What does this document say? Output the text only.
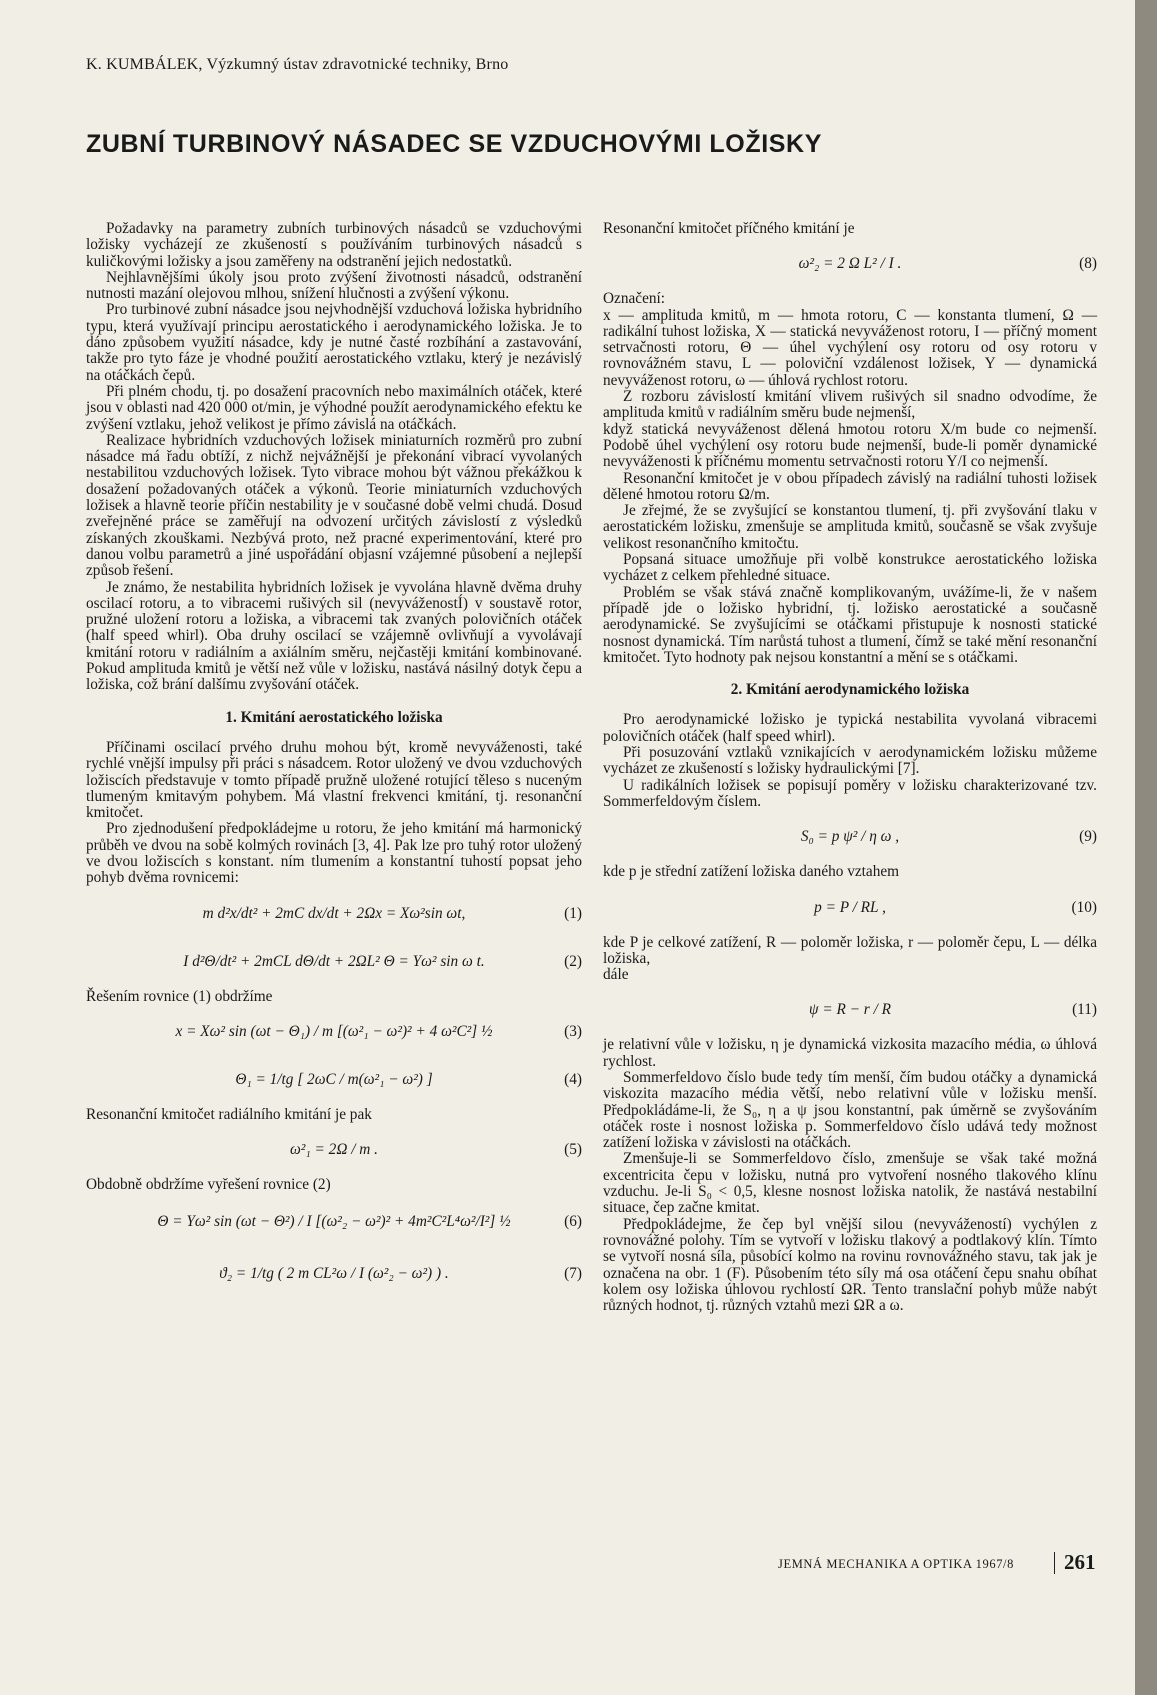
K. KUMBÁLEK, Výzkumný ústav zdravotnické techniky, Brno
ZUBNÍ TURBINOVÝ NÁSADEC SE VZDUCHOVÝMI LOŽISKY

Požadavky na parametry zubních turbinových násadců se vzduchovými ložisky vycházejí ze zkušeností s používáním turbinových násadců s kuličkovými ložisky a jsou zaměřeny na odstranění jejich nedostatků.

Nejhlavnějšími úkoly jsou proto zvýšení životnosti násadců, odstranění nutnosti mazání olejovou mlhou, snížení hlučnosti a zvýšení výkonu.

Pro turbinové zubní násadce jsou nejvhodnější vzduchová ložiska hybridního typu, která využívají principu aerostatického i aerodynamického ložiska. Je to dáno způsobem využití násadce, kdy je nutné časté rozbíhání a zastavování, takže pro tyto fáze je vhodné použití aerostatického vztlaku, který je nezávislý na otáčkách čepů.

Při plném chodu, tj. po dosažení pracovních nebo maximálních otáček, které jsou v oblasti nad 420 000 ot/min, je výhodné použít aerodynamického efektu ke zvýšení vztlaku, jehož velikost je přímo závislá na otáčkách.

Realizace hybridních vzduchových ložisek miniaturních rozměrů pro zubní násadce má řadu obtíží, z nichž nejvážnější je překonání vibrací vyvolaných nestabilitou vzduchových ložisek. Tyto vibrace mohou být vážnou překážkou k dosažení požadovaných otáček a výkonů. Teorie miniaturních vzduchových ložisek a hlavně teorie příčin nestability je v současné době velmi chudá. Dosud zveřejněné práce se zaměřují na odvození určitých závislostí z výsledků získaných zkouškami. Nezbývá proto, než pracné experimentování, které pro danou volbu parametrů a jiné uspořádání objasní vzájemné působení a nejlepší způsob řešení.

Je známo, že nestabilita hybridních ložisek je vyvolána hlavně dvěma druhy oscilací rotoru, a to vibracemi rušivých sil (nevyváženostÍ) v soustavě rotor, pružné uložení rotoru a ložiska, a vibracemi tak zvaných polovičních otáček (half speed whirl). Oba druhy oscilací se vzájemně ovlivňují a vyvolávají kmitání rotoru v radiálním a axiálním směru, nejčastěji kmitání kombinované. Pokud amplituda kmitů je větší než vůle v ložisku, nastává násilný dotyk čepu a ložiska, což brání dalšímu zvyšování otáček.

1. Kmitání aerostatického ložiska

Příčinami oscilací prvého druhu mohou být, kromě nevyváženosti, také rychlé vnější impulsy při práci s násadcem. Rotor uložený ve dvou vzduchových ložiscích představuje v tomto případě pružně uložené rotující těleso s nuceným tlumeným kmitavým pohybem. Má vlastní frekvenci kmitání, tj. resonanční kmitočet.

Pro zjednodušení předpokládejme u rotoru, že jeho kmitání má harmonický průběh ve dvou na sobě kolmých rovinách [3, 4]. Pak lze pro tuhý rotor uložený ve dvou ložiscích s konstant. ním tlumením a konstantní tuhostí popsat jeho pohyb dvěma rovnicemi:

m d²x/dt² + 2mC dx/dt + 2Ωx = Xω²sin ωt,	(1)
I d²Θ/dt² + 2mCL dΘ/dt + 2ΩL² Θ = Yω² sin ω t.	(2)

Řešením rovnice (1) obdržíme

x = Xω² sin (ωt − Θ₁) / m [(ω²₁ − ω²)² + 4 ω²C²] ½	(3)
Θ₁ = 1/tg [ 2ωC / m(ω²₁ − ω²) ]	(4)

Resonanční kmitočet radiálního kmitání je pak

ω²₁ = 2Ω / m .	(5)

Obdobně obdržíme vyřešení rovnice (2)

Θ = Yω² sin (ωt − Θ²) / I [(ω²₂ − ω²)² + 4m²C²L⁴ω²/I²] ½	(6)
ϑ₂ = 1/tg ( 2 m CL²ω / I (ω²₂ − ω²) ) .	(7)

Resonanční kmitočet příčného kmitání je

ω²₂ = 2 Ω L² / I .	(8)

Označení:

x — amplituda kmitů, m — hmota rotoru, C — konstanta tlumení, Ω — radikální tuhost ložiska, X — statická nevyváženost rotoru, I — příčný moment setrvačnosti rotoru, Θ — úhel vychýlení osy rotoru od osy rotoru v rovnovážném stavu, L — poloviční vzdálenost ložisek, Y — dynamická nevyváženost rotoru, ω — úhlová rychlost rotoru.

Z rozboru závislostí kmitání vlivem rušivých sil snadno odvodíme, že amplituda kmitů v radiálním směru bude nejmenší,

když statická nevyváženost dělená hmotou rotoru X/m bude co nejmenší. Podobě úhel vychýlení osy rotoru bude nejmenší, bude-li poměr dynamické nevyváženosti k příčnému momentu setrvačnosti rotoru Y/I co nejmenší.

Resonanční kmitočet je v obou případech závislý na radiální tuhosti ložisek dělené hmotou rotoru Ω/m.

Je zřejmé, že se zvyšující se konstantou tlumení, tj. při zvyšování tlaku v aerostatickém ložisku, zmenšuje se amplituda kmitů, současně se však zvyšuje velikost resonančního kmitočtu.

Popsaná situace umožňuje při volbě konstrukce aerostatického ložiska vycházet z celkem přehledné situace.

Problém se však stává značně komplikovaným, uvážíme-li, že v našem případě jde o ložisko hybridní, tj. ložisko aerostatické a současně aerodynamické. Se zvyšujícími se otáčkami přistupuje k nosnosti statické nosnost dynamická. Tím narůstá tuhost a tlumení, čímž se také mění resonanční kmitočet. Tyto hodnoty pak nejsou konstantní a mění se s otáčkami.

2. Kmitání aerodynamického ložiska

Pro aerodynamické ložisko je typická nestabilita vyvolaná vibracemi polovičních otáček (half speed whirl).

Při posuzování vztlaků vznikajících v aerodynamickém ložisku můžeme vycházet ze zkušeností s ložisky hydraulickými [7].

U radikálních ložisek se popisují poměry v ložisku charakterizované tzv. Sommerfeldovým číslem.

S₀ = p ψ² / η ω ,	(9)

kde p je střední zatížení ložiska daného vztahem

p = P / RL ,	(10)

kde P je celkové zatížení, R — poloměr ložiska, r — poloměr čepu, L — délka ložiska,

dále

ψ = R − r / R	(11)

je relativní vůle v ložisku, η je dynamická vizkosita mazacího média, ω úhlová rychlost.

Sommerfeldovo číslo bude tedy tím menší, čím budou otáčky a dynamická viskozita mazacího média větší, nebo relativní vůle v ložisku menší. Předpokládáme-li, že S₀, η a ψ jsou konstantní, pak úměrně se zvyšováním otáček roste i nosnost ložiska p. Sommerfeldovo číslo udává tedy možnost zatížení ložiska v závislosti na otáčkách.

Zmenšuje-li se Sommerfeldovo číslo, zmenšuje se však také možná excentricita čepu v ložisku, nutná pro vytvoření nosného tlakového klínu vzduchu. Je-li S₀ < 0,5, klesne nosnost ložiska natolik, že nastává nestabilní situace, čep začne kmitat.

Předpokládejme, že čep byl vnější silou (nevyvážeností) vychýlen z rovnovážné polohy. Tím se vytvoří v ložisku tlakový a podtlakový klín. Tímto se vytvoří nosná síla, působící kolmo na rovinu rovnovážného stavu, tak jak je označena na obr. 1 (F). Působením této síly má osa otáčení čepu snahu obíhat kolem osy ložiska úhlovou rychlostí ΩR. Tento translační pohyb může nabýt různých hodnot, tj. různých vztahů mezi ΩR a ω.

JEMNÁ MECHANIKA A OPTIKA 1967/8 261
